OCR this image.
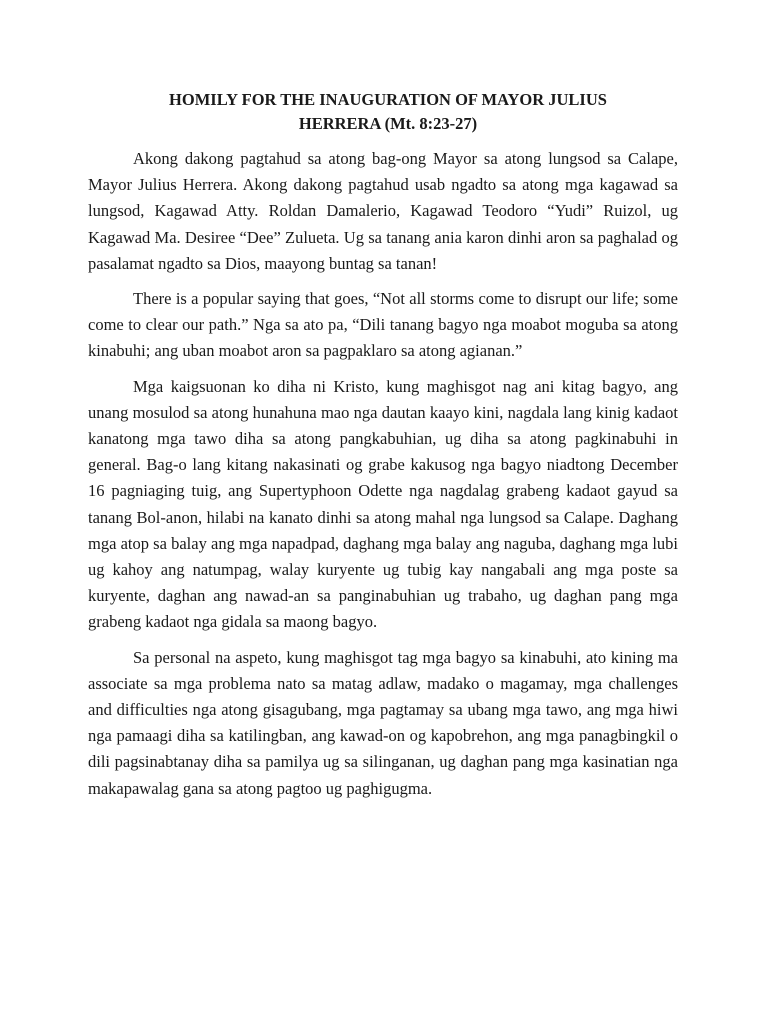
HOMILY FOR THE INAUGURATION OF MAYOR JULIUS
HERRERA (Mt. 8:23-27)

Akong dakong pagtahud sa atong bag-ong Mayor sa atong lungsod sa Calape, Mayor Julius Herrera. Akong dakong pagtahud usab ngadto sa atong mga kagawad sa lungsod, Kagawad Atty. Roldan Damalerio, Kagawad Teodoro “Yudi” Ruizol, ug Kagawad Ma. Desiree “Dee” Zulueta. Ug sa tanang ania karon dinhi aron sa paghalad og pasalamat ngadto sa Dios, maayong buntag sa tanan!

There is a popular saying that goes, “Not all storms come to disrupt our life; some come to clear our path.” Nga sa ato pa, “Dili tanang bagyo nga moabot moguba sa atong kinabuhi; ang uban moabot aron sa pagpaklaro sa atong agianan.”

Mga kaigsuonan ko diha ni Kristo, kung maghisgot nag ani kitag bagyo, ang unang mosulod sa atong hunahuna mao nga dautan kaayo kini, nagdala lang kinig kadaot kanatong mga tawo diha sa atong pangkabuhian, ug diha sa atong pagkinabuhi in general. Bag-o lang kitang nakasinati og grabe kakusog nga bagyo niadtong December 16 pagniaging tuig, ang Supertyphoon Odette nga nagdalag grabeng kadaot gayud sa tanang Bol-anon, hilabi na kanato dinhi sa atong mahal nga lungsod sa Calape. Daghang mga atop sa balay ang mga napadpad, daghang mga balay ang naguba, daghang mga lubi ug kahoy ang natumpag, walay kuryente ug tubig kay nangabali ang mga poste sa kuryente, daghan ang nawad-an sa panginabuhian ug trabaho, ug daghan pang mga grabeng kadaot nga gidala sa maong bagyo.

Sa personal na aspeto, kung maghisgot tag mga bagyo sa kinabuhi, ato kining ma associate sa mga problema nato sa matag adlaw, madako o magamay, mga challenges and difficulties nga atong gisagubang, mga pagtamay sa ubang mga tawo, ang mga hiwi nga pamaagi diha sa katilingban, ang kawad-on og kapobrehon, ang mga panagbingkil o dili pagsinabtanay diha sa pamilya ug sa silinganan, ug daghan pang mga kasinatian nga makapawalag gana sa atong pagtoo ug paghigugma.
